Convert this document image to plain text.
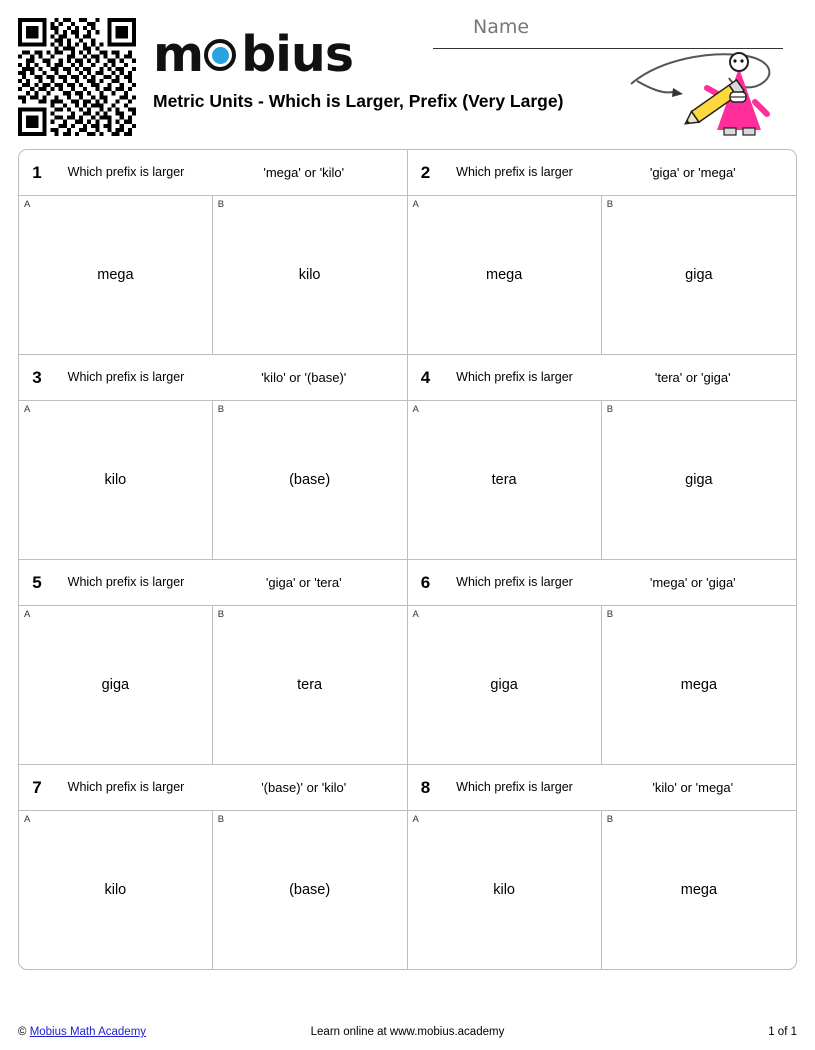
m bius
Metric Units - Which is Larger, Prefix (Very Large)
Name
1	Which prefix is larger	'mega' or 'kilo'
A
mega
B
kilo
2	Which prefix is larger	'giga' or 'mega'
A
mega
B
giga
3	Which prefix is larger	'kilo' or '(base)'
A
kilo
B
(base)
4	Which prefix is larger	'tera' or 'giga'
A
tera
B
giga
5	Which prefix is larger	'giga' or 'tera'
A
giga
B
tera
6	Which prefix is larger	'mega' or 'giga'
A
giga
B
mega
7	Which prefix is larger	'(base)' or 'kilo'
A
kilo
B
(base)
8	Which prefix is larger	'kilo' or 'mega'
A
kilo
B
mega
© Mobius Math Academy	Learn online at www.mobius.academy	1 of 1
